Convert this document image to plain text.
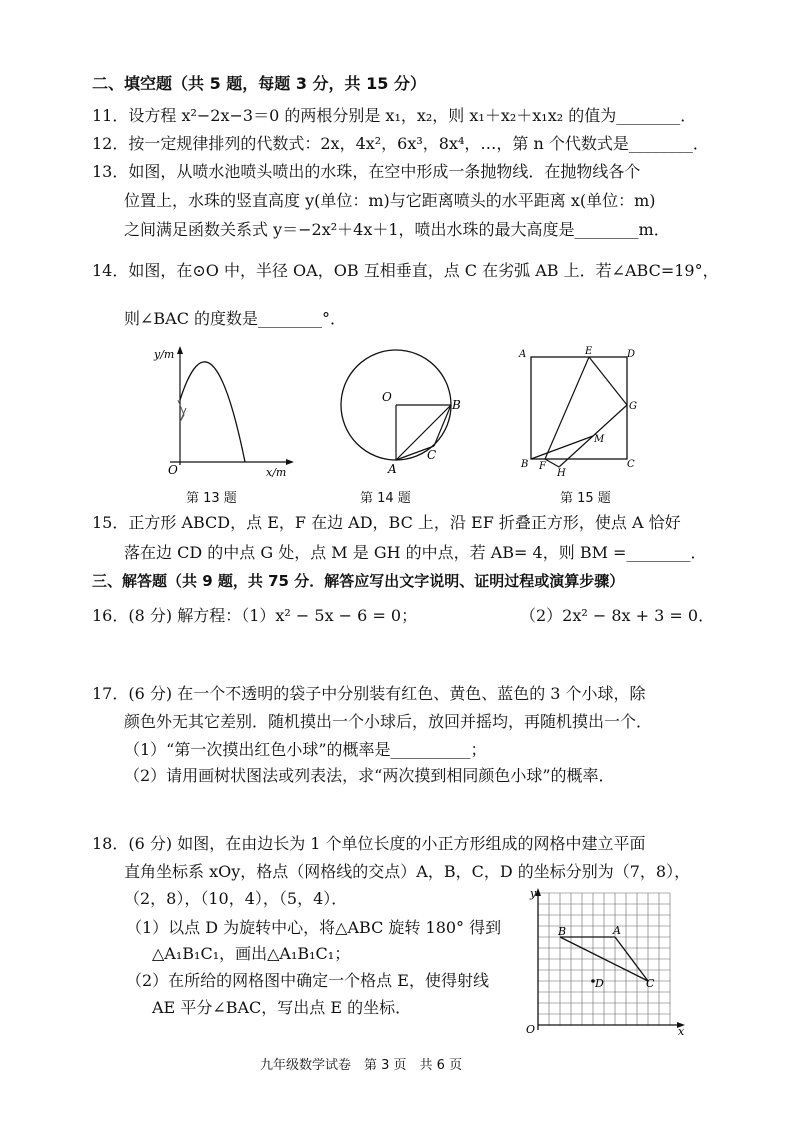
二、填空题（共 5 题，每题 3 分，共 15 分）
11．设方程 x²−2x−3＝0 的两根分别是 x₁，x₂，则 x₁＋x₂＋x₁x₂ 的值为________．
12．按一定规律排列的代数式：2x，4x²，6x³，8x⁴，…，第 n 个代数式是________．
13．如图，从喷水池喷头喷出的水珠，在空中形成一条抛物线．在抛物线各个
位置上，水珠的竖直高度 y(单位：m)与它距离喷头的水平距离 x(单位：m)
之间满足函数关系式 y＝−2x²＋4x＋1，喷出水珠的最大高度是________m．
14．如图，在⊙O 中，半径 OA，OB 互相垂直，点 C 在劣弧 AB 上．若∠ABC=19°，
则∠BAC 的度数是________°．
y/m
x/m
O
第 13 题
O
B
A
C
第 14 题
A	E	D
G
M
B F
H
C
第 15 题
15．正方形 ABCD，点 E，F 在边 AD，BC 上，沿 EF 折叠正方形，使点 A 恰好
落在边 CD 的中点 G 处，点 M 是 GH 的中点，若 AB= 4，则 BM =________．
三、解答题（共 9 题，共 75 分．解答应写出文字说明、证明过程或演算步骤）
16．(8 分) 解方程：（1）x² − 5x − 6 = 0；	（2）2x² − 8x + 3 = 0．
17．(6 分) 在一个不透明的袋子中分别装有红色、黄色、蓝色的 3 个小球，除
颜色外无其它差别．随机摸出一个小球后，放回并摇均，再随机摸出一个．
（1）“第一次摸出红色小球”的概率是__________；
（2）请用画树状图法或列表法，求“两次摸到相同颜色小球”的概率．
18．(6 分) 如图，在由边长为 1 个单位长度的小正方形组成的网格中建立平面
直角坐标系 xOy，格点（网格线的交点）A，B，C，D 的坐标分别为（7，8），
（2，8），（10，4），（5，4）．
（1）以点 D 为旋转中心，将△ABC 旋转 180° 得到
△A₁B₁C₁，画出△A₁B₁C₁；
（2）在所给的网格图中确定一个格点 E，使得射线
AE 平分∠BAC，写出点 E 的坐标．
B	A
C
D
O	x
y
九年级数学试卷　第 3 页　共 6 页
